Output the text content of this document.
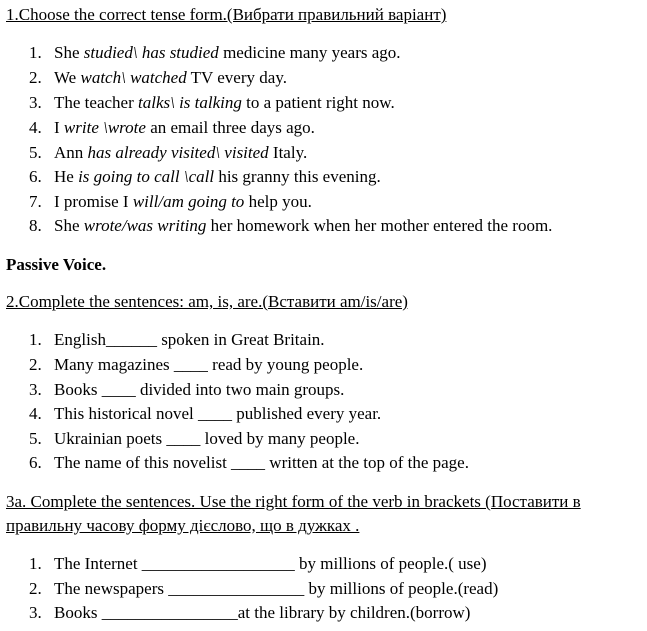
1.Choose the correct tense form.(Вибрати правильний варіант)
1. She studied\ has studied medicine many years ago.
2. We watch\ watched TV every day.
3. The teacher talks\ is talking to a patient right now.
4. I write \wrote an email three days ago.
5. Ann has already visited\ visited Italy.
6. He is going to call \call his granny this evening.
7. I promise I will/am going to help you.
8. She wrote/was writing her homework when her mother entered the room.
Passive Voice.
2.Complete the sentences: am, is, are.(Вставити am/is/are)
1. English______ spoken in Great Britain.
2. Many magazines ____ read by young people.
3. Books ____ divided into two main groups.
4. This historical novel ____ published every year.
5. Ukrainian poets ____ loved by many people.
6. The name of this novelist ____ written at the top of the page.
3a. Complete the sentences. Use the right form of the verb in brackets (Поставити в
правильну часову форму дієслово, що в дужках .
1. The Internet __________________ by millions of people.( use)
2. The newspapers ________________ by millions of people.(read)
3. Books ________________at the library by children.(borrow)
